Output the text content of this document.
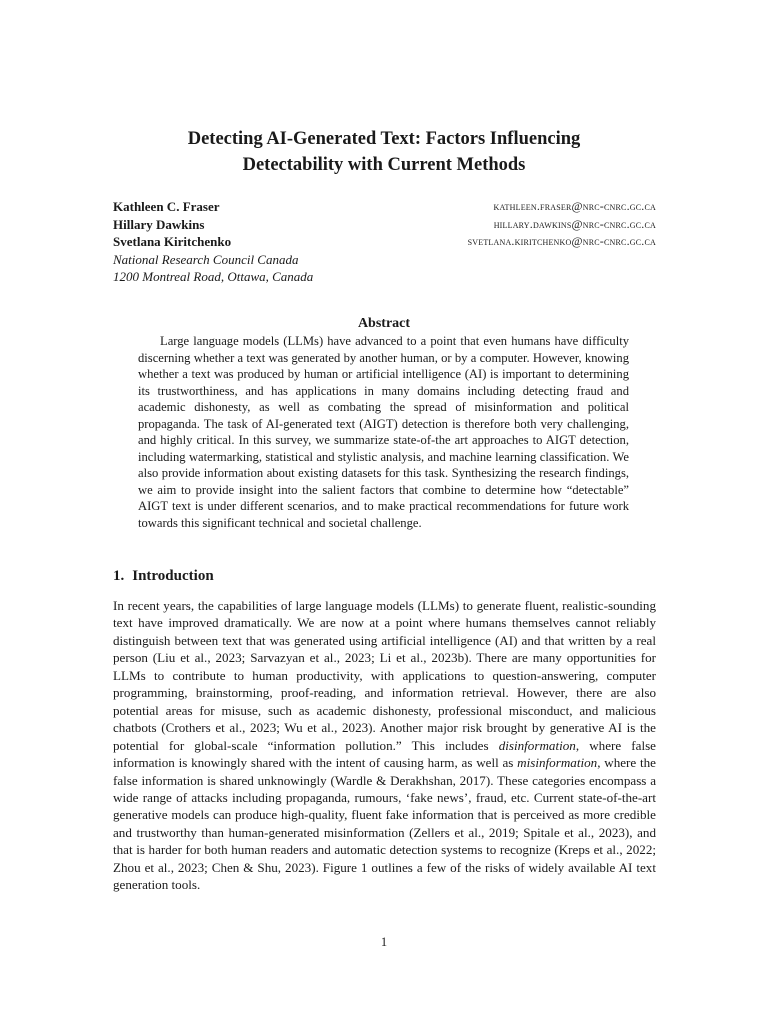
Detecting AI-Generated Text: Factors Influencing
Detectability with Current Methods
Kathleen C. Fraser	kathleen.fraser@nrc-cnrc.gc.ca
Hillary Dawkins	hillary.dawkins@nrc-cnrc.gc.ca
Svetlana Kiritchenko	svetlana.kiritchenko@nrc-cnrc.gc.ca
National Research Council Canada
1200 Montreal Road, Ottawa, Canada
Abstract
Large language models (LLMs) have advanced to a point that even humans have difficulty discerning whether a text was generated by another human, or by a computer. However, knowing whether a text was produced by human or artificial intelligence (AI) is important to determining its trustworthiness, and has applications in many domains including detecting fraud and academic dishonesty, as well as combating the spread of misinformation and political propaganda. The task of AI-generated text (AIGT) detection is therefore both very challenging, and highly critical. In this survey, we summarize state-of-the art approaches to AIGT detection, including watermarking, statistical and stylistic analysis, and machine learning classification. We also provide information about existing datasets for this task. Synthesizing the research findings, we aim to provide insight into the salient factors that combine to determine how “detectable” AIGT text is under different scenarios, and to make practical recommendations for future work towards this significant technical and societal challenge.
1. Introduction
In recent years, the capabilities of large language models (LLMs) to generate fluent, realistic-sounding text have improved dramatically. We are now at a point where humans themselves cannot reliably distinguish between text that was generated using artificial intelligence (AI) and that written by a real person (Liu et al., 2023; Sarvazyan et al., 2023; Li et al., 2023b). There are many opportunities for LLMs to contribute to human productivity, with applications to question-answering, computer programming, brainstorming, proof-reading, and information retrieval. However, there are also potential areas for misuse, such as academic dishonesty, professional misconduct, and malicious chatbots (Crothers et al., 2023; Wu et al., 2023). Another major risk brought by generative AI is the potential for global-scale “information pollution.” This includes disinformation, where false information is knowingly shared with the intent of causing harm, as well as misinformation, where the false information is shared unknowingly (Wardle & Derakhshan, 2017). These categories encompass a wide range of attacks including propaganda, rumours, ‘fake news’, fraud, etc. Current state-of-the-art generative models can produce high-quality, fluent fake information that is perceived as more credible and trustworthy than human-generated misinformation (Zellers et al., 2019; Spitale et al., 2023), and that is harder for both human readers and automatic detection systems to recognize (Kreps et al., 2022; Zhou et al., 2023; Chen & Shu, 2023). Figure 1 outlines a few of the risks of widely available AI text generation tools.
1
